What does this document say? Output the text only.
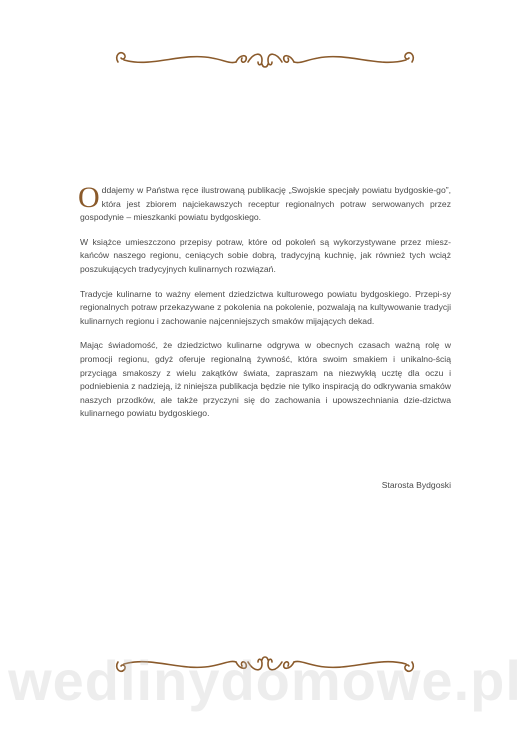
Oddajemy w Państwa ręce ilustrowaną publikację „Swojskie specjały powiatu bydgoskie-go”, która jest zbiorem najciekawszych receptur regionalnych potraw serwowanych przez gospodynie – mieszkanki powiatu bydgoskiego.

W książce umieszczono przepisy potraw, które od pokoleń są wykorzystywane przez miesz-kańców naszego regionu, ceniących sobie dobrą, tradycyjną kuchnię, jak również tych wciąż poszukujących tradycyjnych kulinarnych rozwiązań.

Tradycje kulinarne to ważny element dziedzictwa kulturowego powiatu bydgoskiego. Przepi-sy regionalnych potraw przekazywane z pokolenia na pokolenie, pozwalają na kultywowanie tradycji kulinarnych regionu i zachowanie najcenniejszych smaków mijających dekad.

Mając świadomość, że dziedzictwo kulinarne odgrywa w obecnych czasach ważną rolę w promocji regionu, gdyż oferuje regionalną żywność, która swoim smakiem i unikalno-ścią przyciąga smakoszy z wielu zakątków świata, zapraszam na niezwykłą ucztę dla oczu i podniebienia z nadzieją, iż niniejsza publikacja będzie nie tylko inspiracją do odkrywania smaków naszych przodków, ale także przyczyni się do zachowania i upowszechniania dzie-dzictwa kulinarnego powiatu bydgoskiego.

Starosta Bydgoski
wedlinydomowe.pl
